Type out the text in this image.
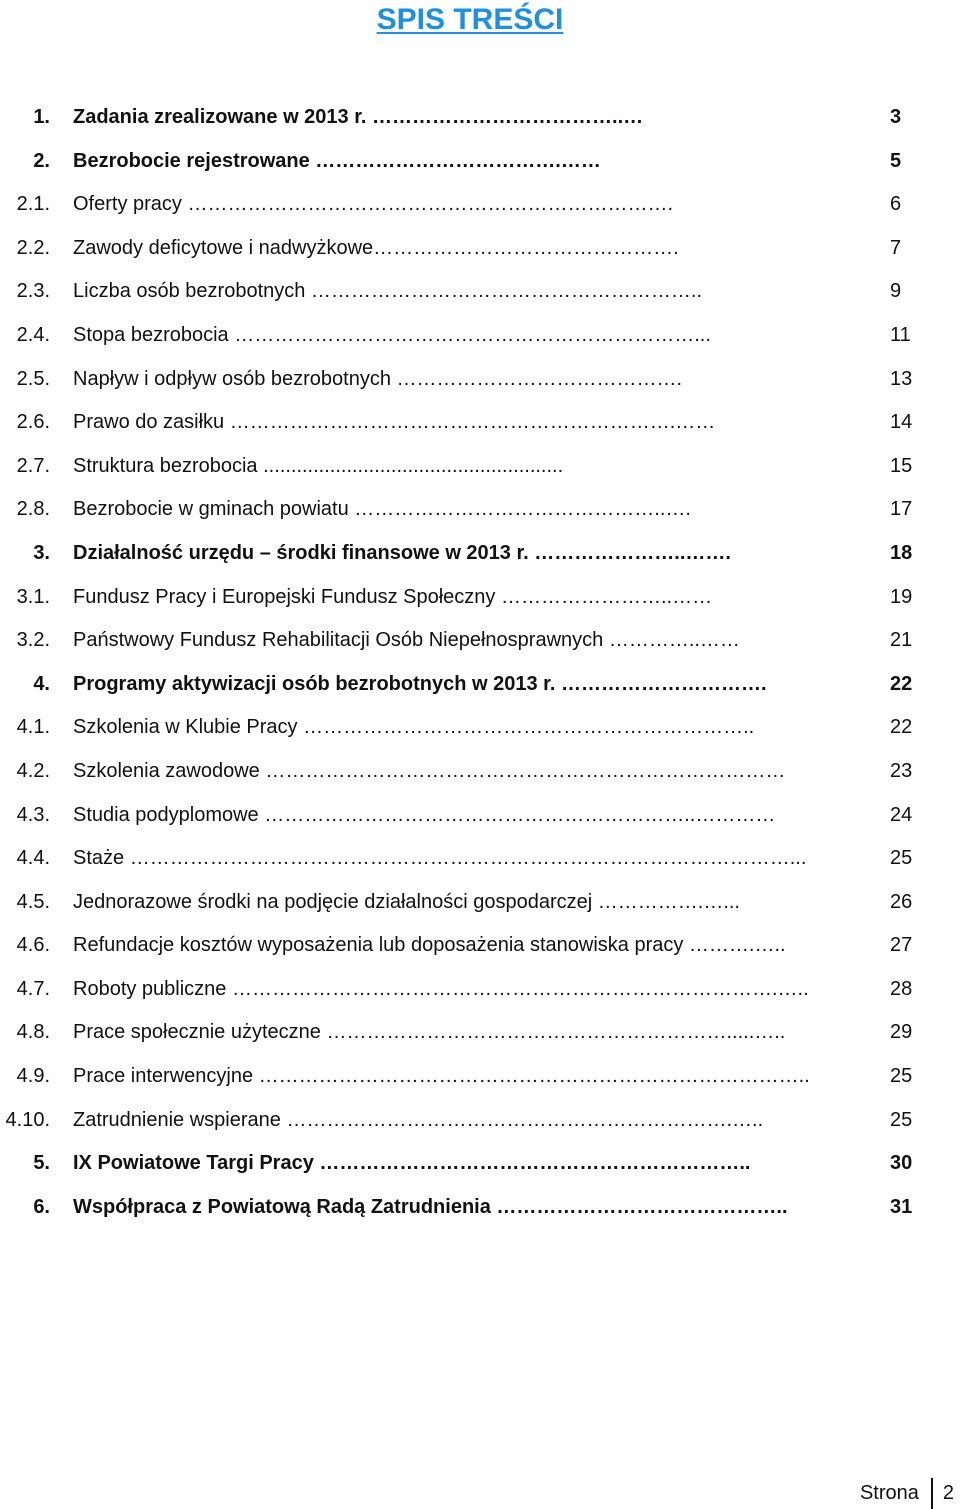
SPIS TREŚCI
1. Zadania zrealizowane w 2013 r. ………………………………..…	3
2. Bezrobocie rejestrowane ……………………………….……	5
2.1. Oferty pracy ……………………………………………………………….	6
2.2. Zawody deficytowe i nadwyżkowe……………………………………….	7
2.3. Liczba osób bezrobotnych …………………………………………………..	9
2.4. Stopa bezrobocia ……………………………………………………………...	11
2.5. Napływ i odpływ osób bezrobotnych …………………………………….	13
2.6. Prawo do zasiłku ………………………………………………………….……	14
2.7. Struktura bezrobocia ......................................................	15
2.8. Bezrobocie w gminach powiatu ………………………………………..….	17
3. Działalność urzędu – środki finansowe w 2013 r. …………………..…….	18
3.1. Fundusz Pracy i Europejski Fundusz Społeczny ……………………..……	19
3.2. Państwowy Fundusz Rehabilitacji Osób Niepełnosprawnych …………..……	21
4. Programy aktywizacji osób bezrobotnych w 2013 r. ………………………….	22
4.1. Szkolenia w Klubie Pracy …………………………………………………………..	22
4.2. Szkolenia zawodowe ……………………………………………………………………	23
4.3. Studia podyplomowe ………………………………………………………..…………	24
4.4. Staże ………………………………………………………………………………………...	25
4.5. Jednorazowe środki na podjęcie działalności gospodarczej …………….…...	26
4.6. Refundacje kosztów wyposażenia lub doposażenia stanowiska pracy ……….…..	27
4.7. Roboty publiczne ……………………………………………………………………….…..	28
4.8. Prace społecznie użyteczne …………………………………………………….....…..	29
4.9. Prace interwencyjne ………………………………………………………………………..	25
4.10. Zatrudnienie wspierane ………………………………………………………….…..	25
5. IX Powiatowe Targi Pracy ………………………………………………………..	30
6. Współpraca z Powiatową Radą Zatrudnienia ……………………………………..	31
Strona	2
